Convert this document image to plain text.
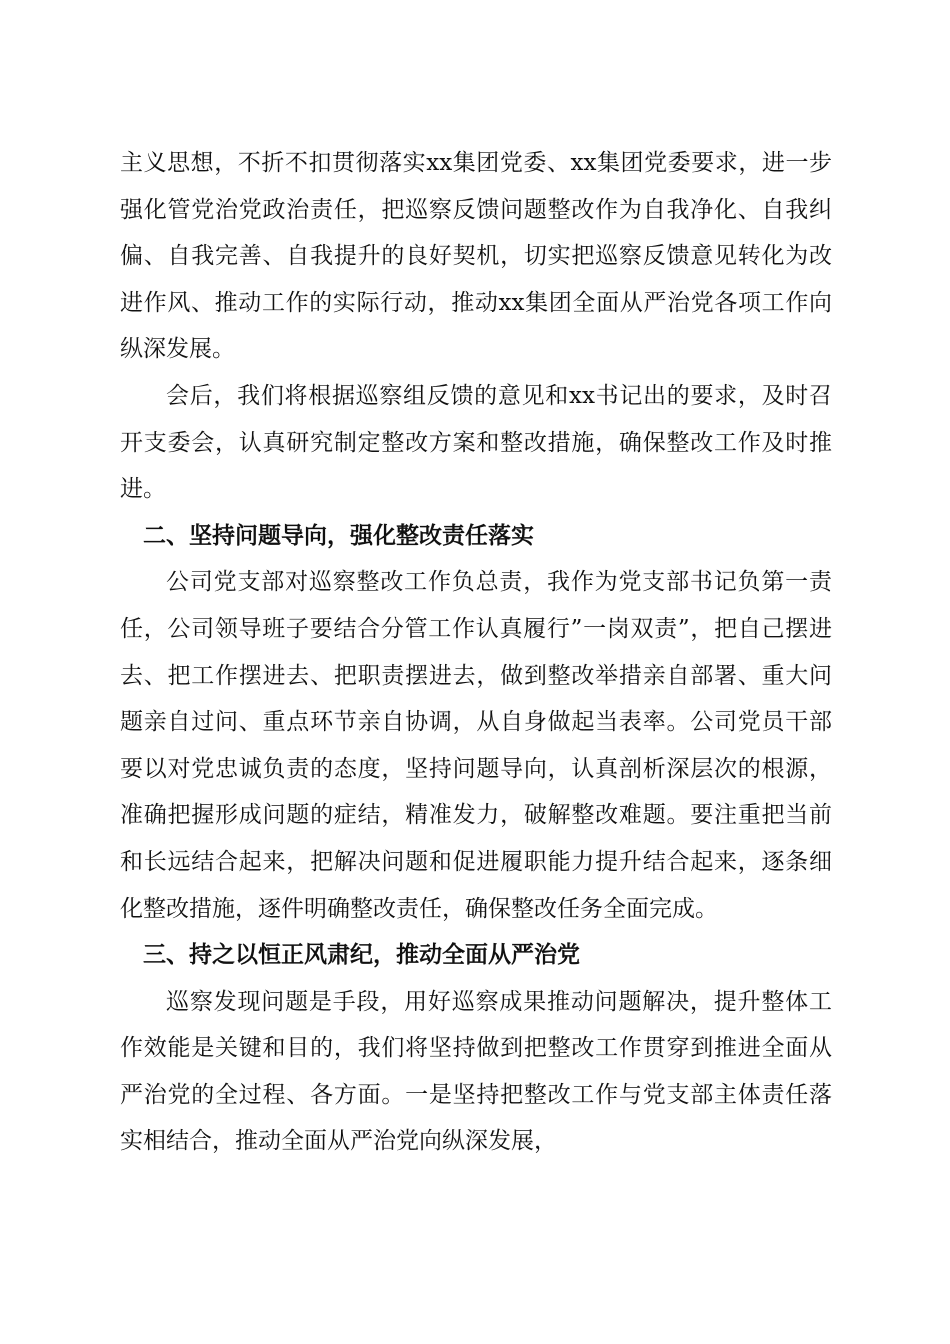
主义思想，不折不扣贯彻落实xx集团党委、xx集团党委要求，进一步强化管党治党政治责任，把巡察反馈问题整改作为自我净化、自我纠偏、自我完善、自我提升的良好契机，切实把巡察反馈意见转化为改进作风、推动工作的实际行动，推动xx集团全面从严治党各项工作向纵深发展。

会后，我们将根据巡察组反馈的意见和xx书记出的要求，及时召开支委会，认真研究制定整改方案和整改措施，确保整改工作及时推进。

二、坚持问题导向，强化整改责任落实

公司党支部对巡察整改工作负总责，我作为党支部书记负第一责任，公司领导班子要结合分管工作认真履行”一岗双责”，把自己摆进去、把工作摆进去、把职责摆进去，做到整改举措亲自部署、重大问题亲自过问、重点环节亲自协调，从自身做起当表率。公司党员干部要以对党忠诚负责的态度，坚持问题导向，认真剖析深层次的根源，准确把握形成问题的症结，精准发力，破解整改难题。要注重把当前和长远结合起来，把解决问题和促进履职能力提升结合起来，逐条细化整改措施，逐件明确整改责任，确保整改任务全面完成。

三、持之以恒正风肃纪，推动全面从严治党

巡察发现问题是手段，用好巡察成果推动问题解决，提升整体工作效能是关键和目的，我们将坚持做到把整改工作贯穿到推进全面从严治党的全过程、各方面。一是坚持把整改工作与党支部主体责任落实相结合，推动全面从严治党向纵深发展，
